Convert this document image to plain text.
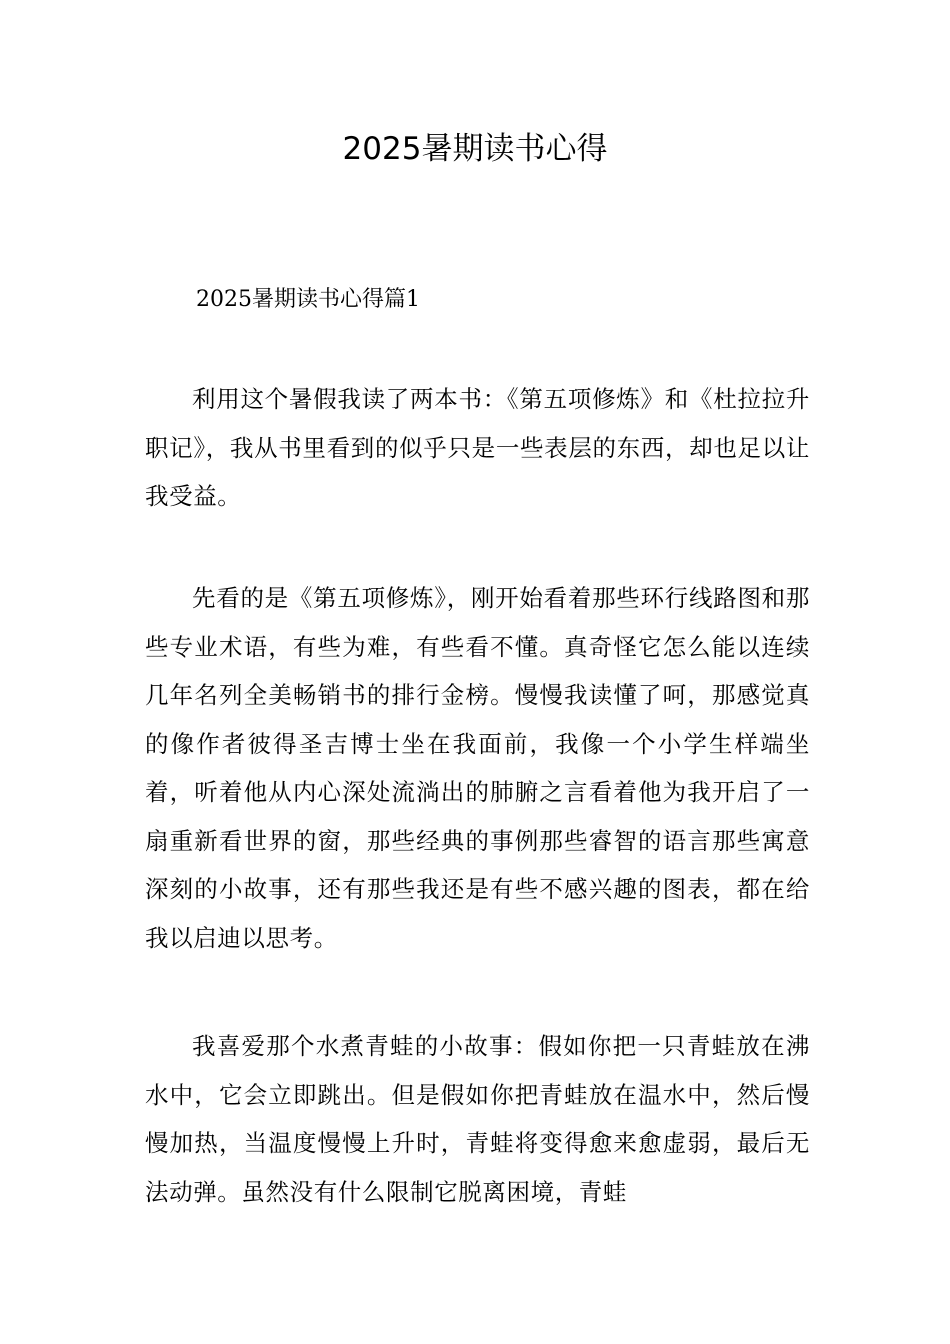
2025暑期读书心得

2025暑期读书心得篇1

利用这个暑假我读了两本书：《第五项修炼》和《杜拉拉升职记》，我从书里看到的似乎只是一些表层的东西，却也足以让我受益。

先看的是《第五项修炼》，刚开始看着那些环行线路图和那些专业术语，有些为难，有些看不懂。真奇怪它怎么能以连续几年名列全美畅销书的排行金榜。慢慢我读懂了呵，那感觉真的像作者彼得圣吉博士坐在我面前，我像一个小学生样端坐着，听着他从内心深处流淌出的肺腑之言看着他为我开启了一扇重新看世界的窗，那些经典的事例那些睿智的语言那些寓意深刻的小故事，还有那些我还是有些不感兴趣的图表，都在给我以启迪以思考。

我喜爱那个水煮青蛙的小故事：假如你把一只青蛙放在沸水中，它会立即跳出。但是假如你把青蛙放在温水中，然后慢慢加热，当温度慢慢上升时，青蛙将变得愈来愈虚弱，最后无法动弹。虽然没有什么限制它脱离困境，青蛙
